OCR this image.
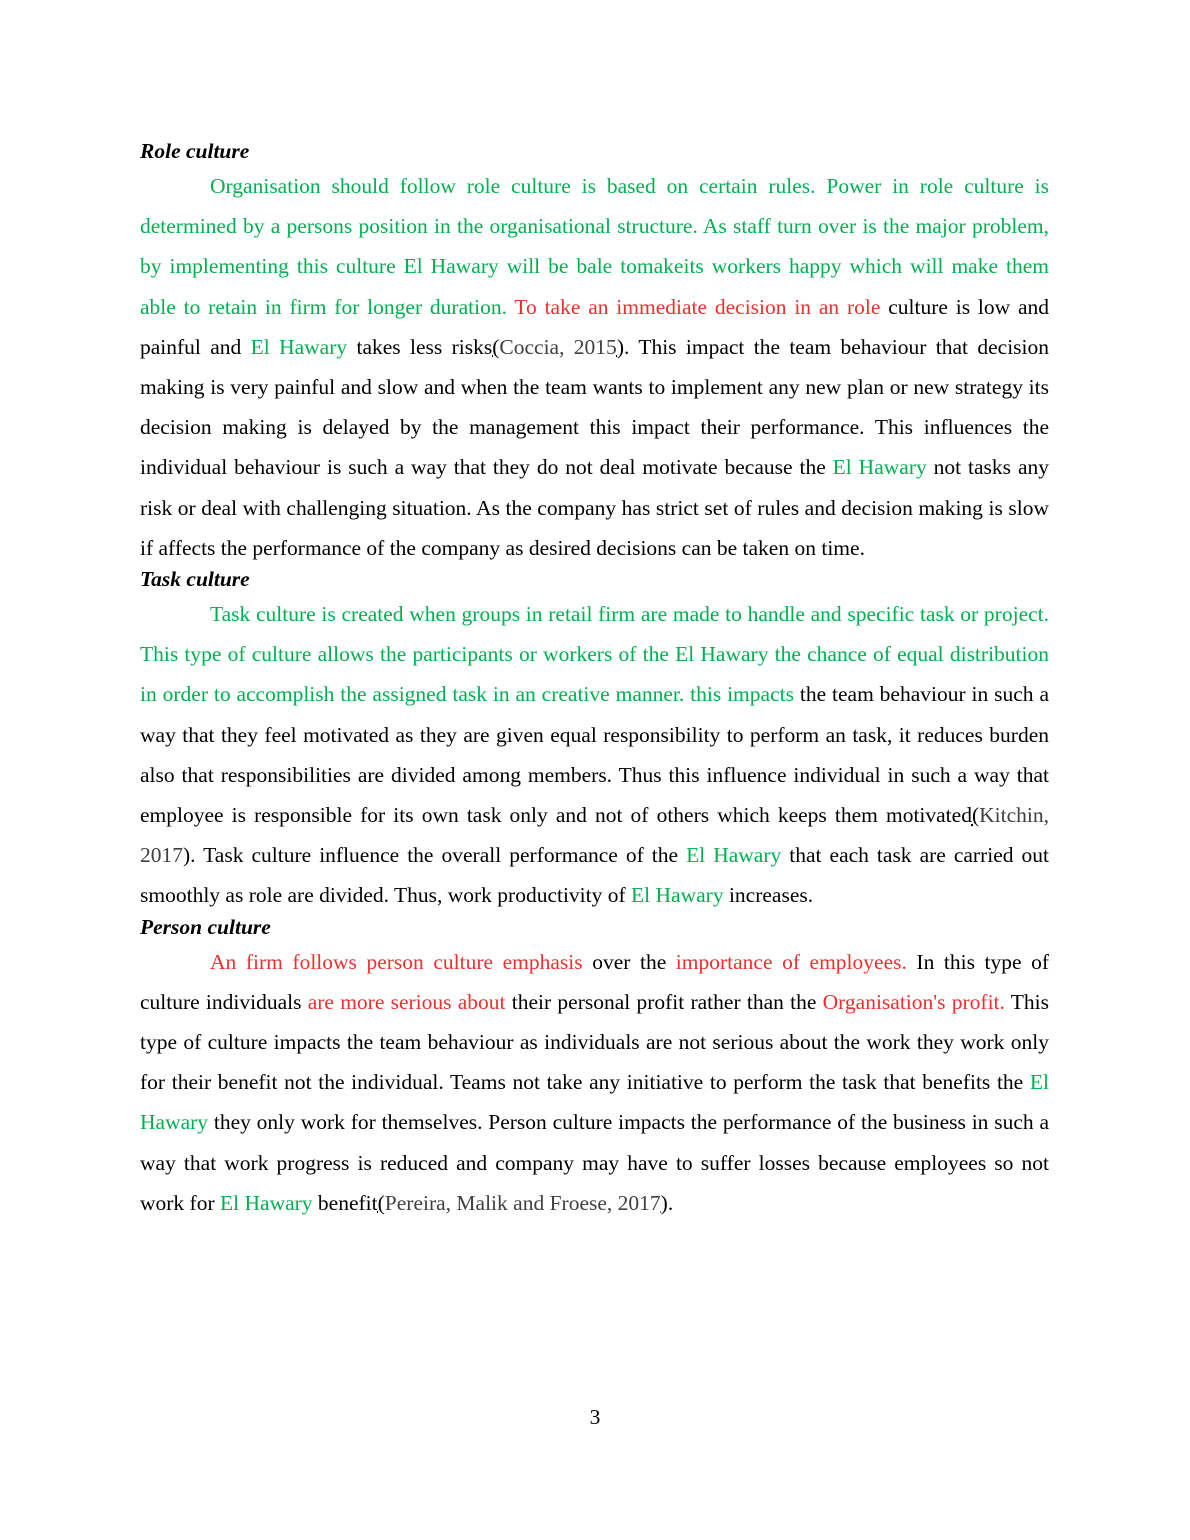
Role culture

Organisation should follow role culture is based on certain rules. Power in role culture is determined by a persons position in the organisational structure. As staff turn over is the major problem, by implementing this culture El Hawary will be bale tomakeits workers happy which will make them able to retain in firm for longer duration. To take an immediate decision in an role culture is low and painful and El Hawary takes less risks(Coccia, 2015). This impact the team behaviour that decision making is very painful and slow and when the team wants to implement any new plan or new strategy its decision making is delayed by the management this impact their performance. This influences the individual behaviour is such a way that they do not deal motivate because the El Hawary not tasks any risk or deal with challenging situation. As the company has strict set of rules and decision making is slow if affects the performance of the company as desired decisions can be taken on time.

Task culture

Task culture is created when groups in retail firm are made to handle and specific task or project. This type of culture allows the participants or workers of the El Hawary the chance of equal distribution in order to accomplish the assigned task in an creative manner. this impacts the team behaviour in such a way that they feel motivated as they are given equal responsibility to perform an task, it reduces burden also that responsibilities are divided among members. Thus this influence individual in such a way that employee is responsible for its own task only and not of others which keeps them motivated(Kitchin, 2017). Task culture influence the overall performance of the El Hawary that each task are carried out smoothly as role are divided. Thus, work productivity of El Hawary increases.

Person culture

An firm follows person culture emphasis over the importance of employees. In this type of culture individuals are more serious about their personal profit rather than the Organisation's profit. This type of culture impacts the team behaviour as individuals are not serious about the work they work only for their benefit not the individual. Teams not take any initiative to perform the task that benefits the El Hawary they only work for themselves. Person culture impacts the performance of the business in such a way that work progress is reduced and company may have to suffer losses because employees so not work for El Hawary benefit(Pereira, Malik and Froese, 2017).

3
